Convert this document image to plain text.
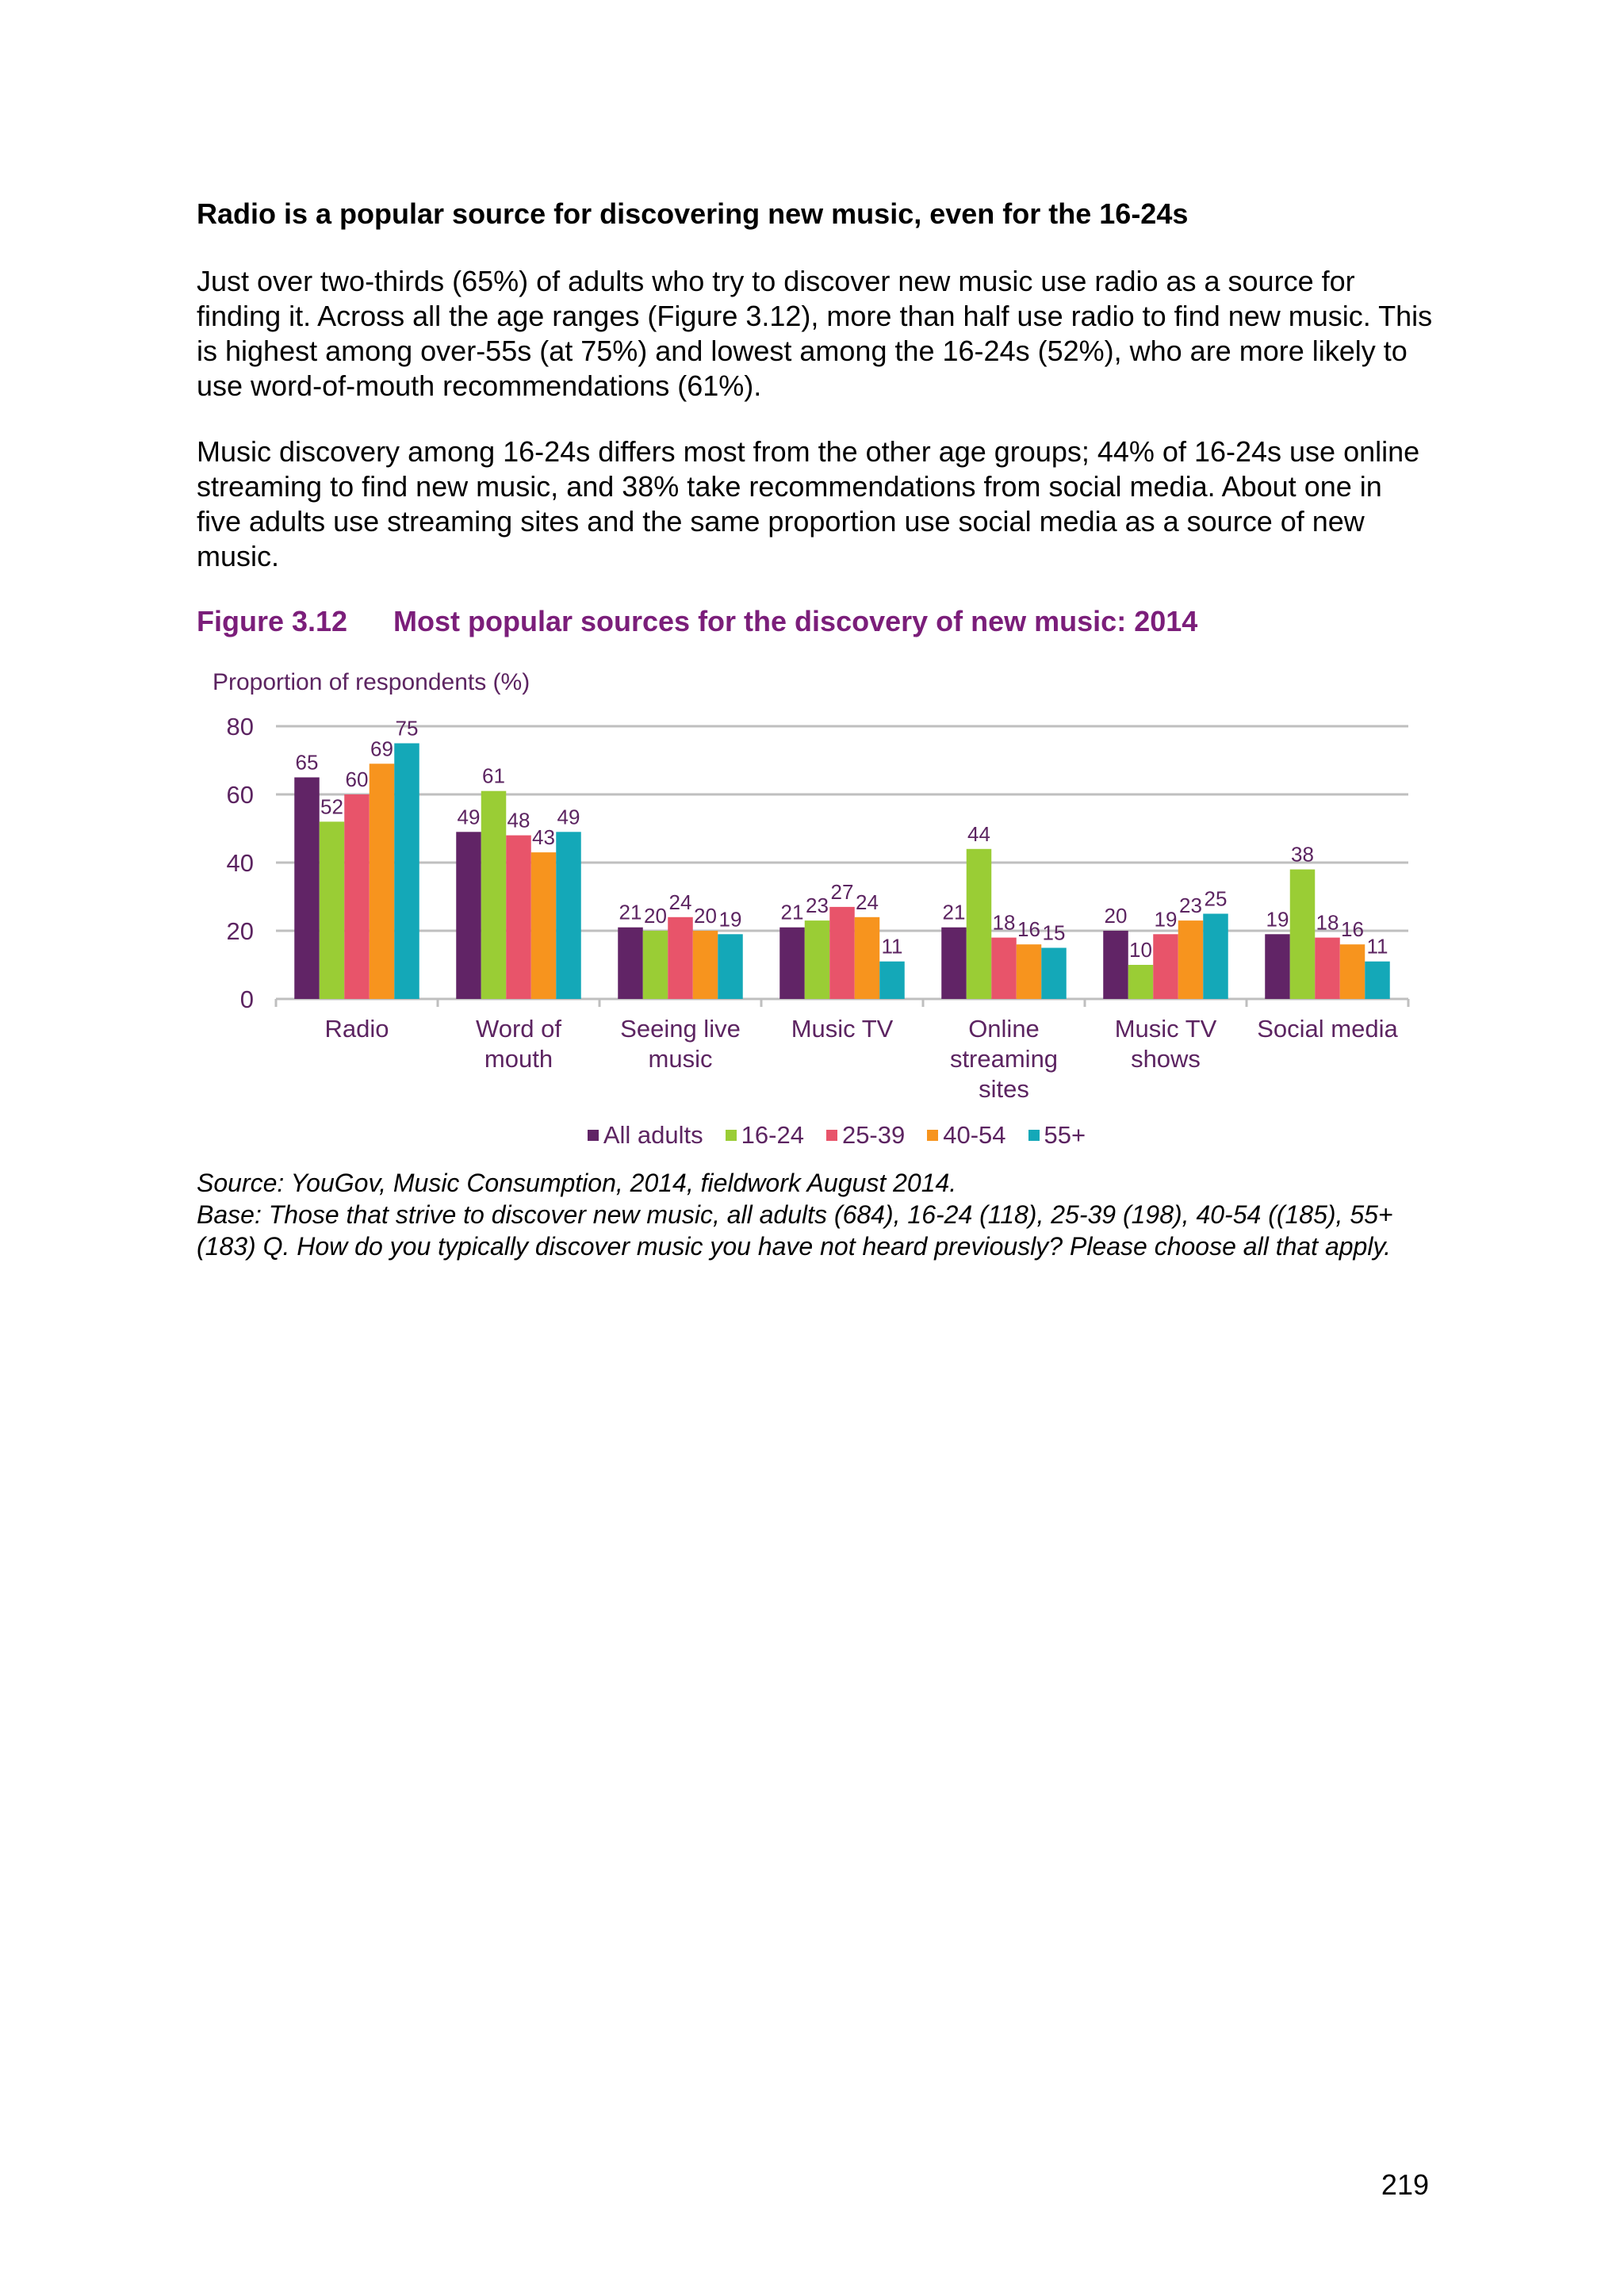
Radio is a popular source for discovering new music, even for the 16-24s

Just over two-thirds (65%) of adults who try to discover new music use radio as a source for finding it. Across all the age ranges (Figure 3.12), more than half use radio to find new music. This is highest among over-55s (at 75%) and lowest among the 16-24s (52%), who are more likely to use word-of-mouth recommendations (61%).

Music discovery among 16-24s differs most from the other age groups; 44% of 16-24s use online streaming to find new music, and 38% take recommendations from social media. About one in five adults use streaming sites and the same proportion use social media as a source of new music.

Figure 3.12 Most popular sources for the discovery of new music: 2014

Proportion of respondents (%)
0
20
40
60
80
65
52
60
69
75
Radio
49
61
48
43
49
Word of mouth
21 20
24
20 19
Seeing live music
21 23
27 24
11
Music TV
21
44
18 16 15
Online streaming sites
20
10
19
23 25
Music TV shows
19
38
18 16
11
Social media
All adults 16-24 25-39 40-54 55+
Source: YouGov, Music Consumption, 2014, fieldwork August 2014.
Base: Those that strive to discover new music, all adults (684), 16-24 (118), 25-39 (198), 40-54 ((185), 55+ (183) Q. How do you typically discover music you have not heard previously? Please choose all that apply.
219
